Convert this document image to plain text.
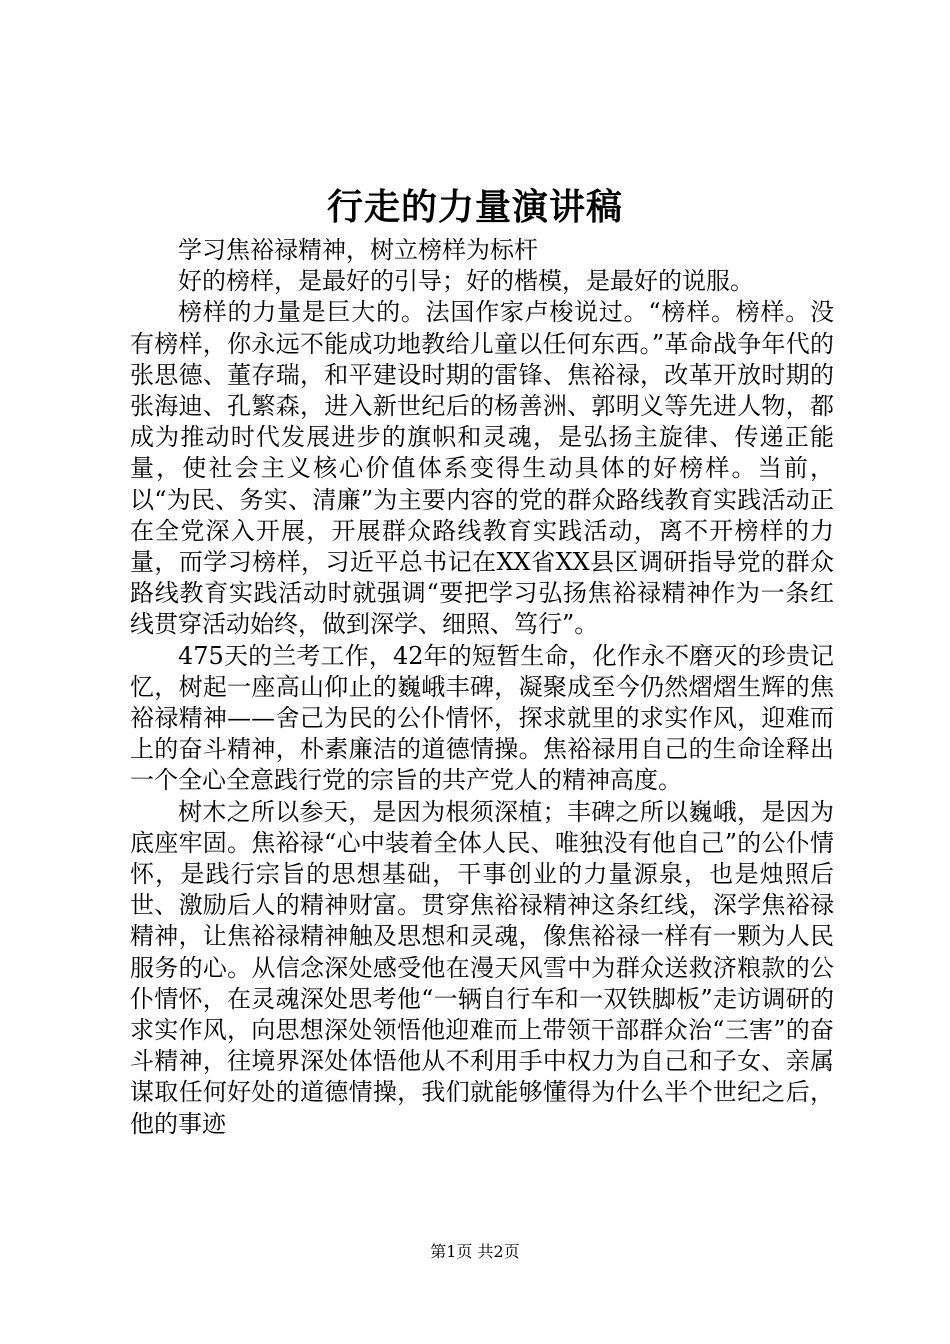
行走的力量演讲稿

学习焦裕禄精神，树立榜样为标杆

好的榜样，是最好的引导；好的楷模，是最好的说服。

榜样的力量是巨大的。法国作家卢梭说过。“榜样。榜样。没有榜样，你永远不能成功地教给儿童以任何东西。”革命战争年代的张思德、董存瑞，和平建设时期的雷锋、焦裕禄，改革开放时期的张海迪、孔繁森，进入新世纪后的杨善洲、郭明义等先进人物，都成为推动时代发展进步的旗帜和灵魂，是弘扬主旋律、传递正能量，使社会主义核心价值体系变得生动具体的好榜样。当前，以“为民、务实、清廉”为主要内容的党的群众路线教育实践活动正在全党深入开展，开展群众路线教育实践活动，离不开榜样的力量，而学习榜样，习近平总书记在XX省XX县区调研指导党的群众路线教育实践活动时就强调“要把学习弘扬焦裕禄精神作为一条红线贯穿活动始终，做到深学、细照、笃行”。

475天的兰考工作，42年的短暂生命，化作永不磨灭的珍贵记忆，树起一座高山仰止的巍峨丰碑，凝聚成至今仍然熠熠生辉的焦裕禄精神——舍己为民的公仆情怀，探求就里的求实作风，迎难而上的奋斗精神，朴素廉洁的道德情操。焦裕禄用自己的生命诠释出一个全心全意践行党的宗旨的共产党人的精神高度。

树木之所以参天，是因为根须深植；丰碑之所以巍峨，是因为底座牢固。焦裕禄“心中装着全体人民、唯独没有他自己”的公仆情怀，是践行宗旨的思想基础，干事创业的力量源泉，也是烛照后世、激励后人的精神财富。贯穿焦裕禄精神这条红线，深学焦裕禄精神，让焦裕禄精神触及思想和灵魂，像焦裕禄一样有一颗为人民服务的心。从信念深处感受他在漫天风雪中为群众送救济粮款的公仆情怀，在灵魂深处思考他“一辆自行车和一双铁脚板”走访调研的求实作风，向思想深处领悟他迎难而上带领干部群众治“三害”的奋斗精神，往境界深处体悟他从不利用手中权力为自己和子女、亲属谋取任何好处的道德情操，我们就能够懂得为什么半个世纪之后，他的事迹

第1页 共2页
